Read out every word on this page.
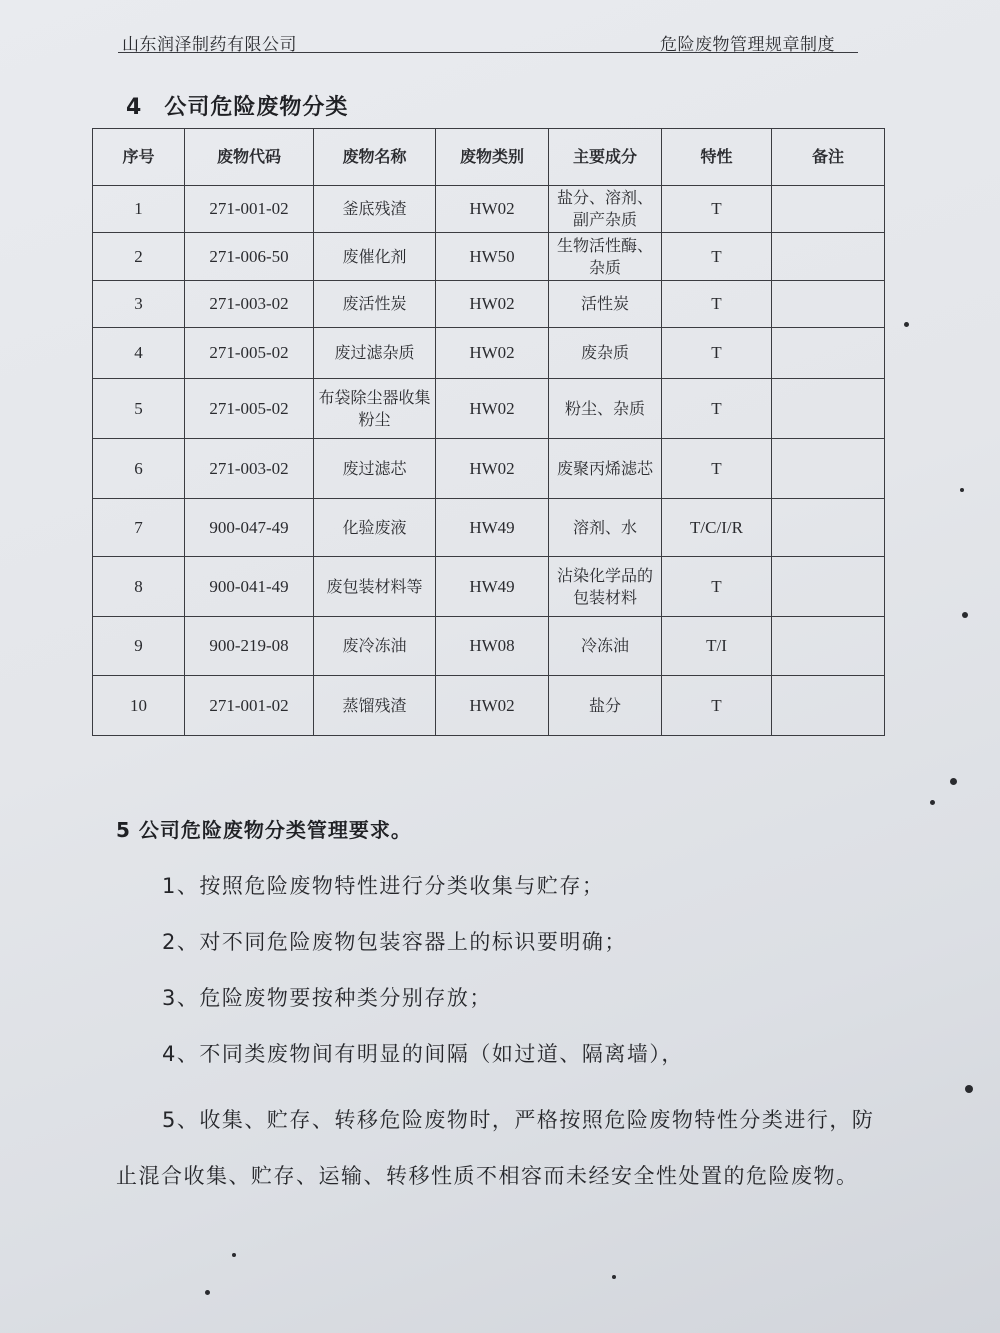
山东润泽制药有限公司	危险废物管理规章制度
4 公司危险废物分类
序号	废物代码	废物名称	废物类别	主要成分	特性	备注
1	271-001-02	釜底残渣	HW02	盐分、溶剂、副产杂质	T	
2	271-006-50	废催化剂	HW50	生物活性酶、杂质	T	
3	271-003-02	废活性炭	HW02	活性炭	T	
4	271-005-02	废过滤杂质	HW02	废杂质	T	
5	271-005-02	布袋除尘器收集粉尘	HW02	粉尘、杂质	T	
6	271-003-02	废过滤芯	HW02	废聚丙烯滤芯	T	
7	900-047-49	化验废液	HW49	溶剂、水	T/C/I/R	
8	900-041-49	废包装材料等	HW49	沾染化学品的包装材料	T	
9	900-219-08	废冷冻油	HW08	冷冻油	T/I	
10	271-001-02	蒸馏残渣	HW02	盐分	T	
5 公司危险废物分类管理要求。
1、按照危险废物特性进行分类收集与贮存；
2、对不同危险废物包装容器上的标识要明确；
3、危险废物要按种类分别存放；
4、不同类废物间有明显的间隔（如过道、隔离墙），

5、收集、贮存、转移危险废物时，严格按照危险废物特性分类进行，防止混合收集、贮存、运输、转移性质不相容而未经安全性处置的危险废物。
